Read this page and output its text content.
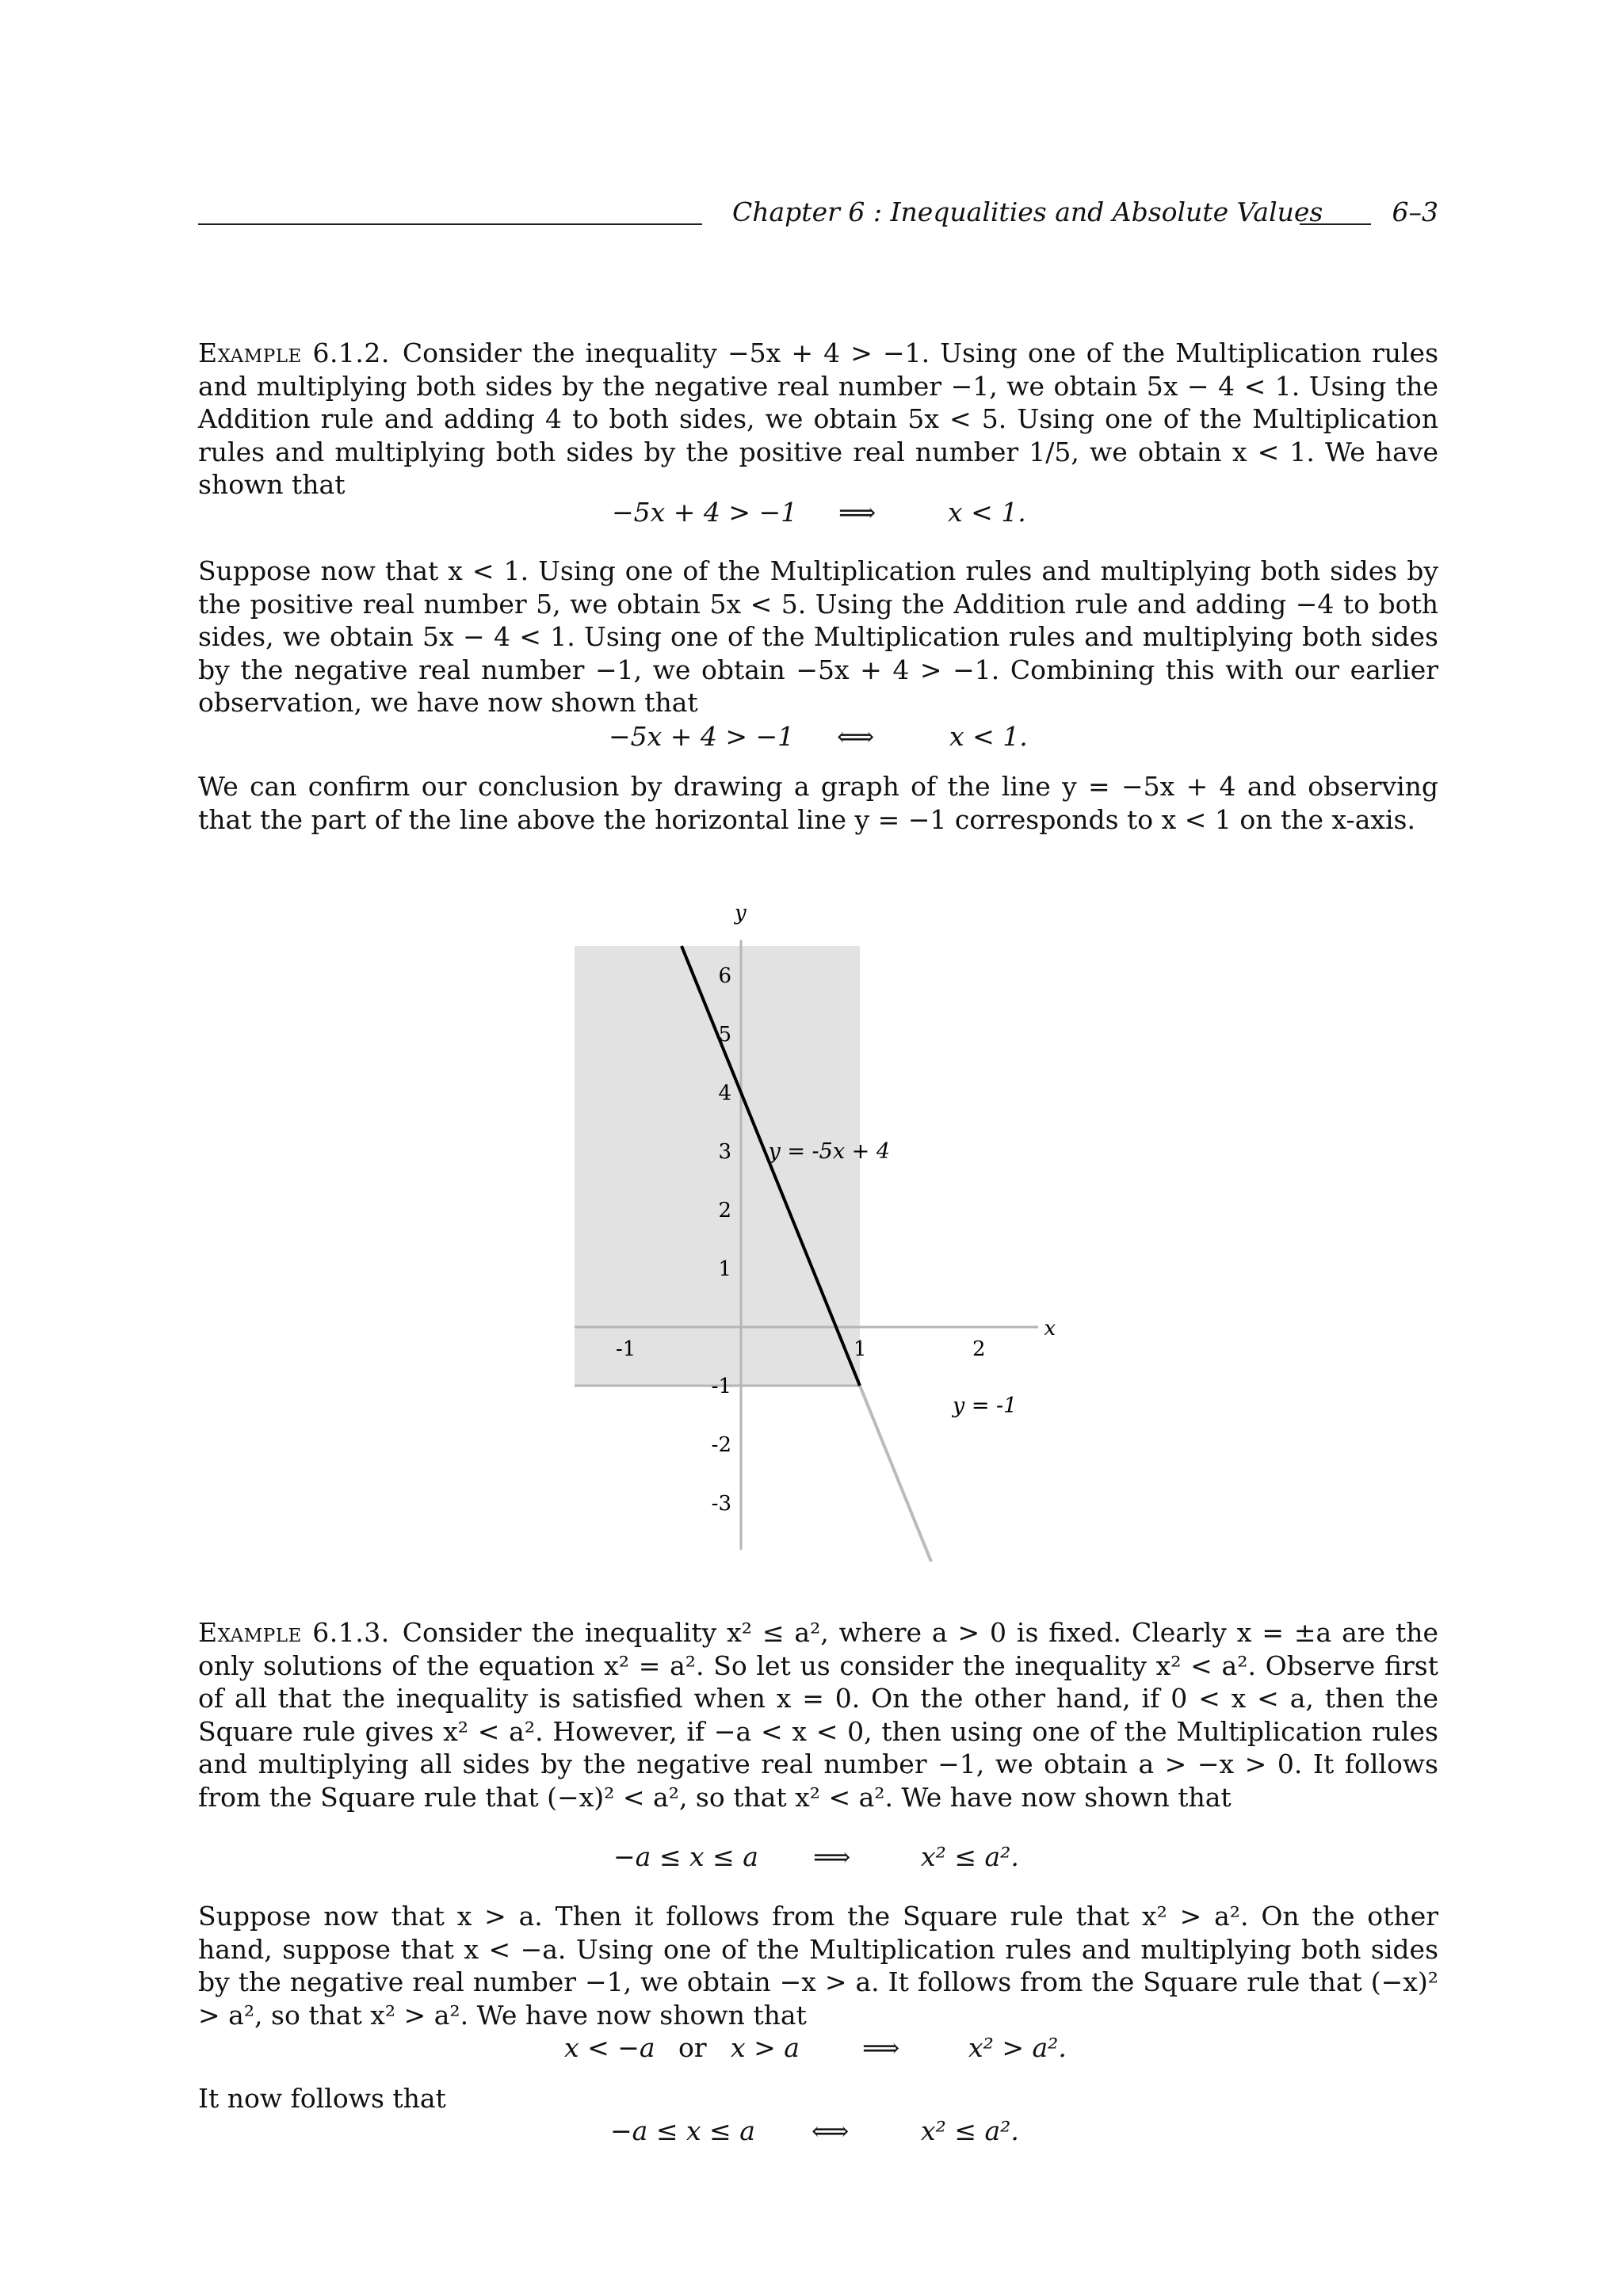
Chapter 6 : Inequalities and Absolute Values	6–3
Example 6.1.2. Consider the inequality −5x + 4 > −1. Using one of the Multiplication rules and multiplying both sides by the negative real number −1, we obtain 5x − 4 < 1. Using the Addition rule and adding 4 to both sides, we obtain 5x < 5. Using one of the Multiplication rules and multiplying both sides by the positive real number 1/5, we obtain x < 1. We have shown that
−5x + 4 > −1 ⟹	x < 1.
Suppose now that x < 1. Using one of the Multiplication rules and multiplying both sides by the positive real number 5, we obtain 5x < 5. Using the Addition rule and adding −4 to both sides, we obtain 5x − 4 < 1. Using one of the Multiplication rules and multiplying both sides by the negative real number −1, we obtain −5x + 4 > −1. Combining this with our earlier observation, we have now shown that
−5x + 4 > −1 ⟺	x < 1.
We can confirm our conclusion by drawing a graph of the line y = −5x + 4 and observing that the part of the line above the horizontal line y = −1 corresponds to x < 1 on the x-axis.
x
y
-1	1	2
6
5
4
3
2
1
-1
-2
-3
y = -5x + 4
y = -1
Example 6.1.3. Consider the inequality x² ≤ a², where a > 0 is fixed. Clearly x = ±a are the only solutions of the equation x² = a². So let us consider the inequality x² < a². Observe first of all that the inequality is satisfied when x = 0. On the other hand, if 0 < x < a, then the Square rule gives x² < a². However, if −a < x < 0, then using one of the Multiplication rules and multiplying all sides by the negative real number −1, we obtain a > −x > 0. It follows from the Square rule that (−x)² < a², so that x² < a². We have now shown that
−a ≤ x ≤ a ⟹	x² ≤ a².
Suppose now that x > a. Then it follows from the Square rule that x² > a². On the other hand, suppose that x < −a. Using one of the Multiplication rules and multiplying both sides by the negative real number −1, we obtain −x > a. It follows from the Square rule that (−x)² > a², so that x² > a². We have now shown that
x < −a or x > a ⟹	x² > a².
It now follows that
−a ≤ x ≤ a ⟺	x² ≤ a².
